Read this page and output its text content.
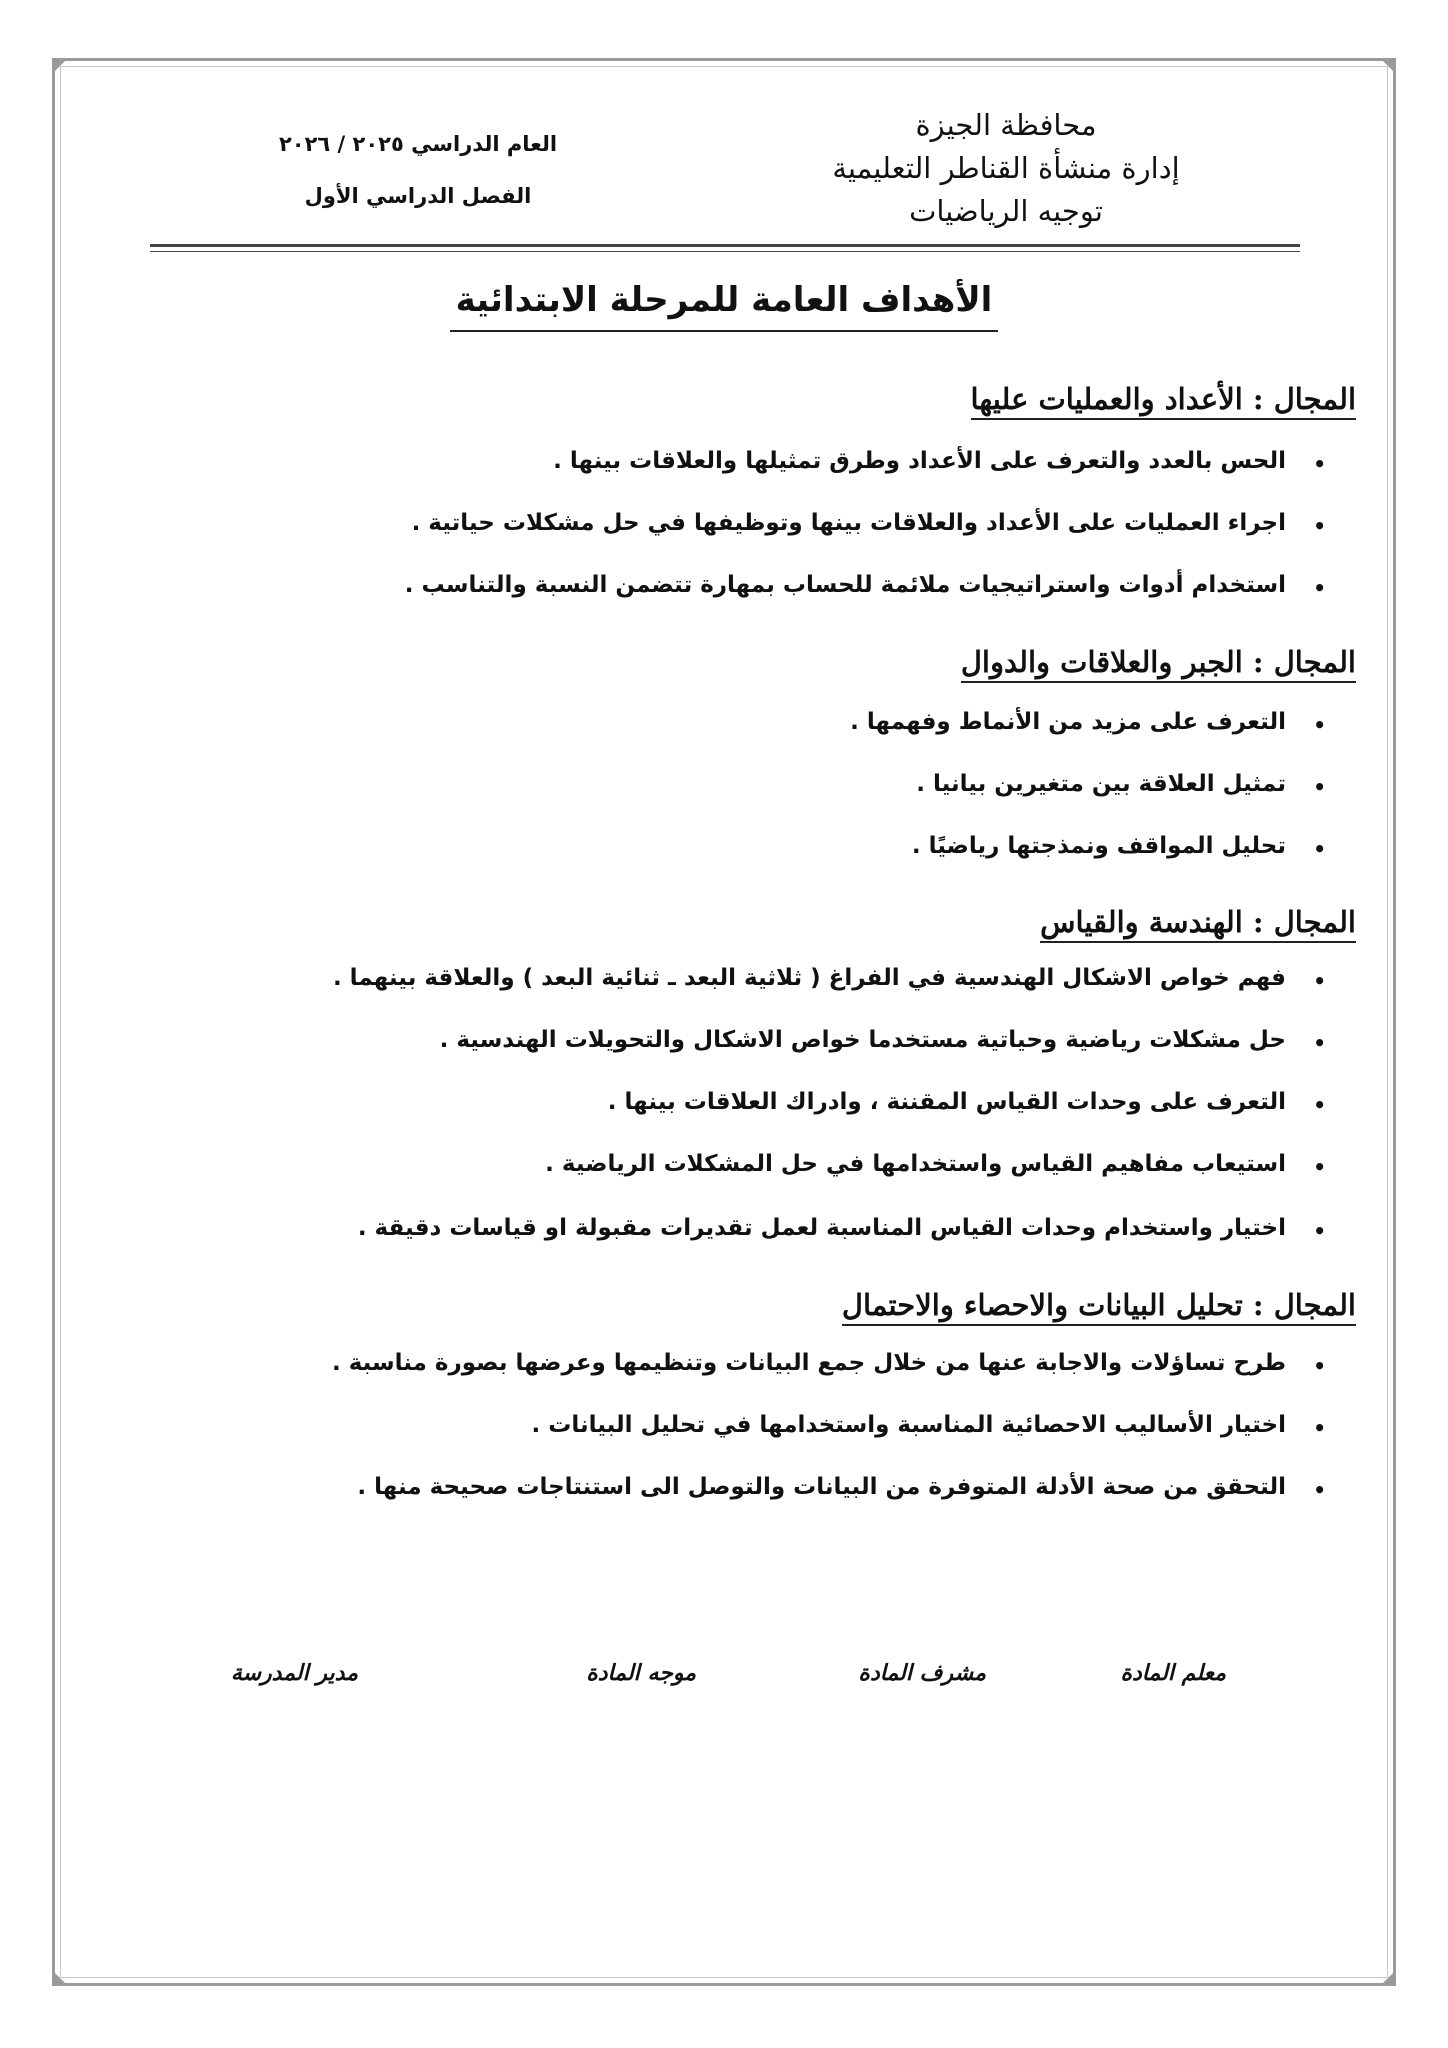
محافظة الجيزة
إدارة منشأة القناطر التعليمية
توجيه الرياضيات
العام الدراسي ٢٠٢٥ / ٢٠٢٦
الفصل الدراسي الأول
الأهداف العامة للمرحلة الابتدائية
المجال : الأعداد والعمليات عليها
•
الحس بالعدد والتعرف على الأعداد وطرق تمثيلها والعلاقات بينها .
•
اجراء العمليات على الأعداد والعلاقات بينها وتوظيفها في حل مشكلات حياتية .
•
استخدام أدوات واستراتيجيات ملائمة للحساب بمهارة تتضمن النسبة والتناسب .
المجال : الجبر والعلاقات والدوال
•
التعرف على مزيد من الأنماط وفهمها .
•
تمثيل العلاقة بين متغيرين بيانيا .
•
تحليل المواقف ونمذجتها رياضيًا .
المجال : الهندسة والقياس
•
فهم خواص الاشكال الهندسية في الفراغ ( ثلاثية البعد ـ ثنائية البعد ) والعلاقة بينهما .
•
حل مشكلات رياضية وحياتية مستخدما خواص الاشكال والتحويلات الهندسية .
•
التعرف على وحدات القياس المقننة ، وادراك العلاقات بينها .
•
استيعاب مفاهيم القياس واستخدامها في حل المشكلات الرياضية .
•
اختيار واستخدام وحدات القياس المناسبة لعمل تقديرات مقبولة او قياسات دقيقة .
المجال : تحليل البيانات والاحصاء والاحتمال
•
طرح تساؤلات والاجابة عنها من خلال جمع البيانات وتنظيمها وعرضها بصورة مناسبة .
•
اختيار الأساليب الاحصائية المناسبة واستخدامها في تحليل البيانات .
•
التحقق من صحة الأدلة المتوفرة من البيانات والتوصل الى استنتاجات صحيحة منها .
معلم المادة
مشرف المادة
موجه المادة
مدير المدرسة
